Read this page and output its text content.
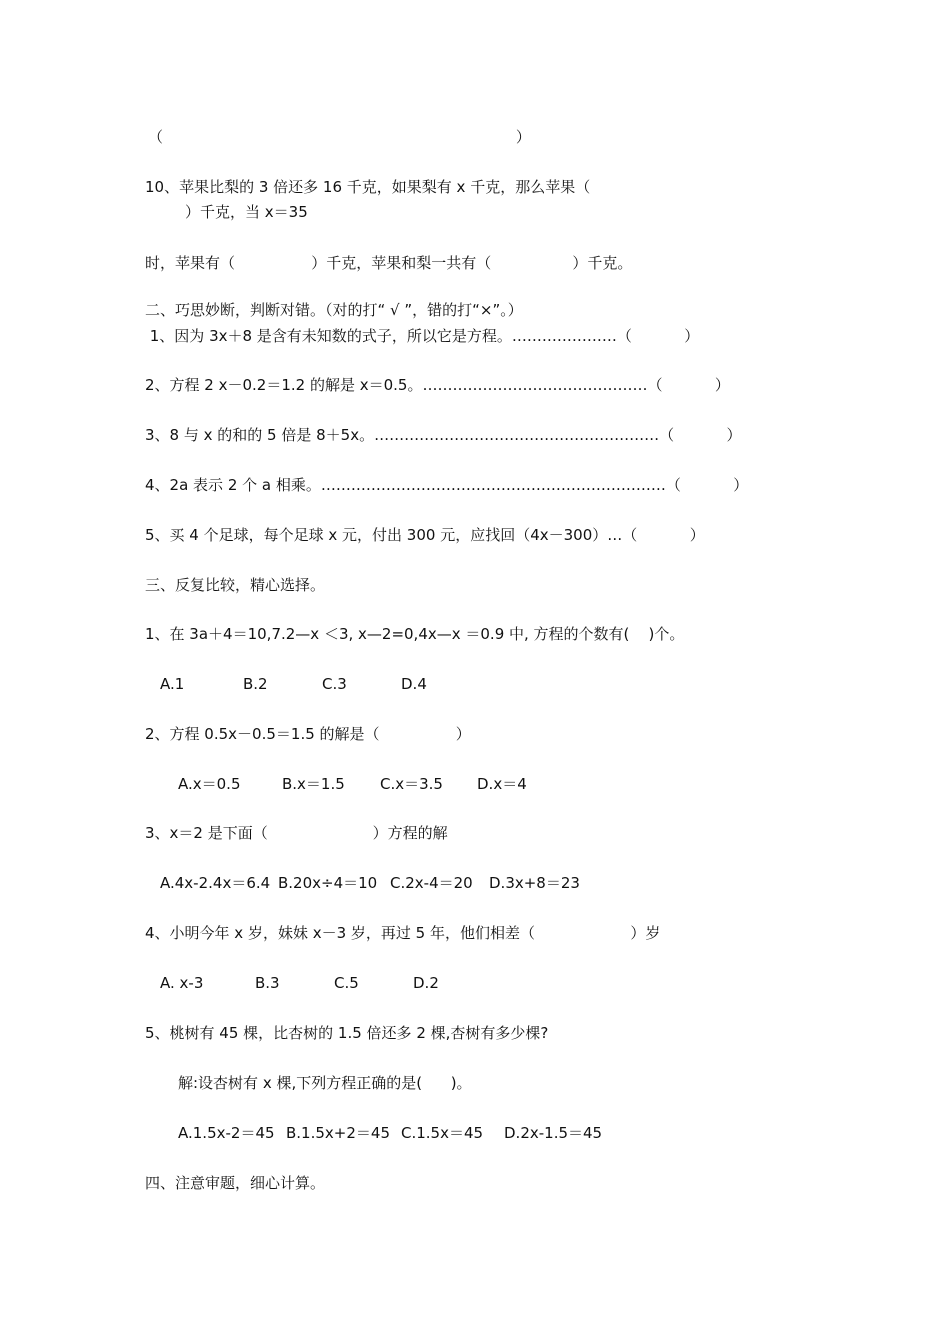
（                                                                          ）
10、苹果比梨的 3 倍还多 16 千克，如果梨有 x 千克，那么苹果（
）千克，当 x＝35
时，苹果有（                ）千克，苹果和梨一共有（                 ）千克。
二、巧思妙断，判断对错。（对的打“ √ ”，错的打“×”。）
1、因为 3x＋8 是含有未知数的式子，所以它是方程。…………………（           ）
2、方程 2 x－0.2＝1.2 的解是 x＝0.5。………………………………………（           ）
3、8 与 x 的和的 5 倍是 8＋5x。…………………………………………………（           ）
4、2a 表示 2 个 a 相乘。……………………………………………………………（           ）
5、买 4 个足球，每个足球 x 元，付出 300 元，应找回（4x－300）…（           ）
三、反复比较，精心选择。
1、在 3a＋4＝10,7.2—x ＜3, x—2=0,4x—x ＝0.9 中, 方程的个数有(    )个。
A.1	B.2	C.3	D.4
2、方程 0.5x－0.5＝1.5 的解是（                ）
A.x＝0.5	B.x＝1.5 C.x＝3.5 D.x＝4
3、x＝2 是下面（                      ）方程的解
A.4x-2.4x＝6.4 B.20x÷4＝10 C.2x-4＝20 D.3x+8＝23
4、小明今年 x 岁，妹妹 x－3 岁，再过 5 年，他们相差（                    ）岁
A. x-3	B.3	C.5	D.2
5、桃树有 45 棵，比杏树的 1.5 倍还多 2 棵,杏树有多少棵?
解:设杏树有 x 棵,下列方程正确的是(      )。
A.1.5x-2＝45 B.1.5x+2＝45 C.1.5x＝45 D.2x-1.5＝45
四、注意审题，细心计算。
